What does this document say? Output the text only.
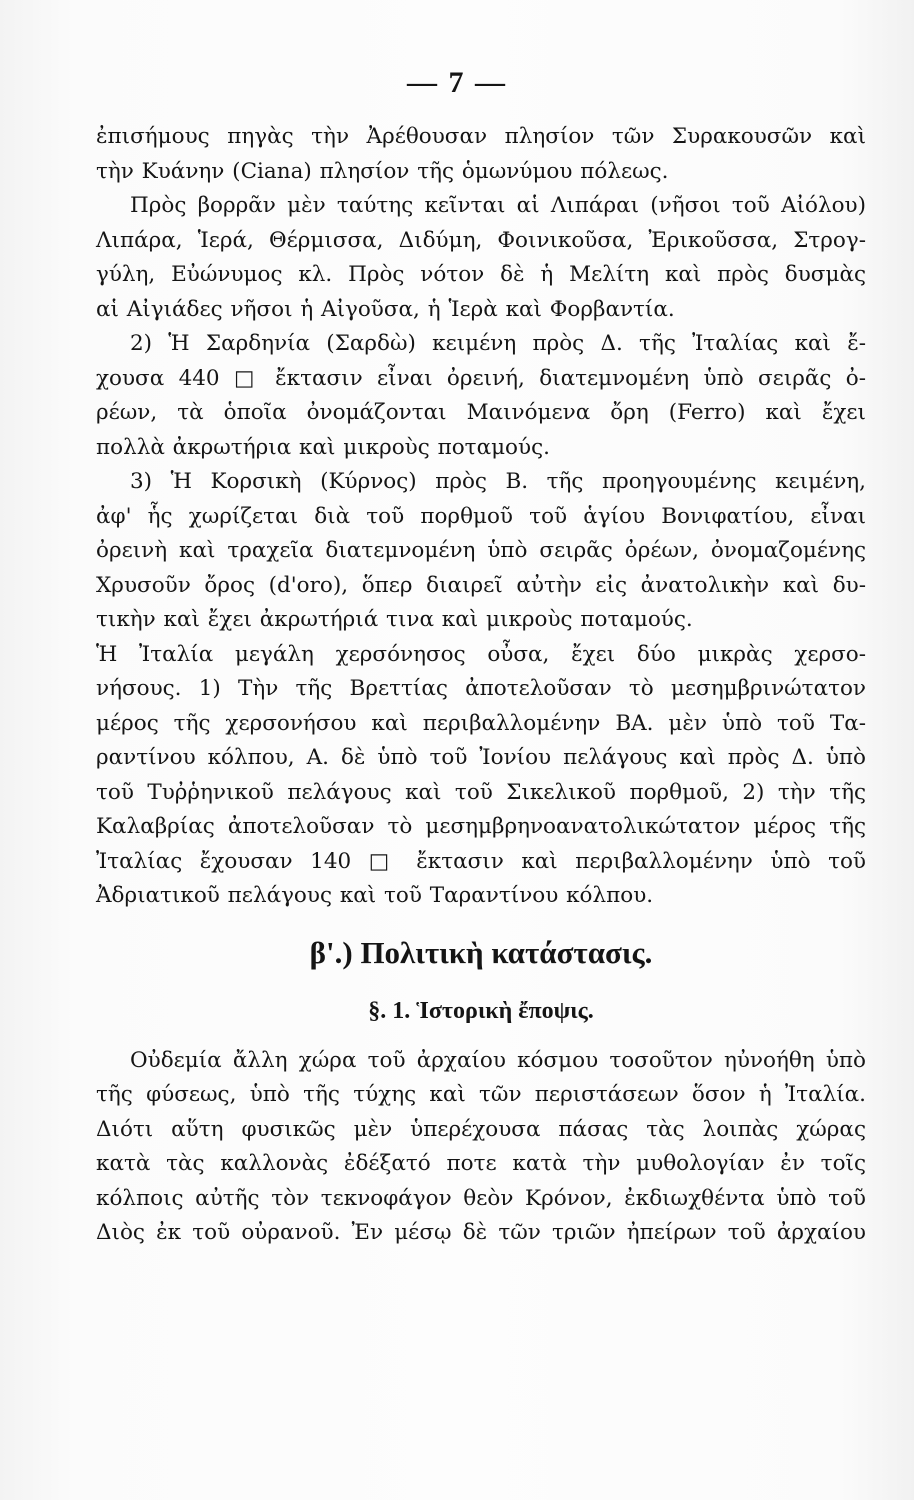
— 7 —
ἐπισήμους πηγὰς τὴν Ἀρέθουσαν πλησίον τῶν Συρακουσῶν καὶ
τὴν Κυάνην (Ciana) πλησίον τῆς ὁμωνύμου πόλεως.
Πρὸς βορρᾶν μὲν ταύτης κεῖνται αἱ Λιπάραι (νῆσοι τοῦ Αἰόλου)
Λιπάρα, Ἱερά, Θέρμισσα, Διδύμη, Φοινικοῦσα, Ἐρικοῦσσα, Στρογ-
γύλη, Εὐώνυμος κλ. Πρὸς νότον δὲ ἡ Μελίτη καὶ πρὸς δυσμὰς
αἱ Αἰγιάδες νῆσοι ἡ Αἰγοῦσα, ἡ Ἱερὰ καὶ Φορβαντία.
2) Ἡ Σαρδηνία (Σαρδὼ) κειμένη πρὸς Δ. τῆς Ἰταλίας καὶ ἔ-
χουσα 440 □ ἔκτασιν εἶναι ὀρεινή, διατεμνομένη ὑπὸ σειρᾶς ὀ-
ρέων, τὰ ὁποῖα ὀνομάζονται Μαινόμενα ὄρη (Ferro) καὶ ἔχει
πολλὰ ἀκρωτήρια καὶ μικροὺς ποταμούς.
3) Ἡ Κορσικὴ (Κύρνος) πρὸς Β. τῆς προηγουμένης κειμένη,
ἀφ' ἧς χωρίζεται διὰ τοῦ πορθμοῦ τοῦ ἁγίου Βονιφατίου, εἶναι
ὀρεινὴ καὶ τραχεῖα διατεμνομένη ὑπὸ σειρᾶς ὀρέων, ὀνομαζομένης
Χρυσοῦν ὄρος (d'oro), ὅπερ διαιρεῖ αὐτὴν εἰς ἀνατολικὴν καὶ δυ-
τικὴν καὶ ἔχει ἀκρωτήριά τινα καὶ μικροὺς ποταμούς.
Ἡ Ἰταλία μεγάλη χερσόνησος οὖσα, ἔχει δύο μικρὰς χερσο-
νήσους. 1) Τὴν τῆς Βρεττίας ἀποτελοῦσαν τὸ μεσημβρινώτατον
μέρος τῆς χερσονήσου καὶ περιβαλλομένην ΒΑ. μὲν ὑπὸ τοῦ Τα-
ραντίνου κόλπου, Α. δὲ ὑπὸ τοῦ Ἰονίου πελάγους καὶ πρὸς Δ. ὑπὸ
τοῦ Τυῤῥηνικοῦ πελάγους καὶ τοῦ Σικελικοῦ πορθμοῦ, 2) τὴν τῆς
Καλαβρίας ἀποτελοῦσαν τὸ μεσημβρηνοανατολικώτατον μέρος τῆς
Ἰταλίας ἔχουσαν 140 □ ἔκτασιν καὶ περιβαλλομένην ὑπὸ τοῦ
Ἀδριατικοῦ πελάγους καὶ τοῦ Ταραντίνου κόλπου.
β'.) Πολιτικὴ κατάστασις.
§. 1. Ἱστορικὴ ἔποψις.
Οὐδεμία ἄλλη χώρα τοῦ ἀρχαίου κόσμου τοσοῦτον ηὐνοήθη ὑπὸ
τῆς φύσεως, ὑπὸ τῆς τύχης καὶ τῶν περιστάσεων ὅσον ἡ Ἰταλία.
Διότι αὕτη φυσικῶς μὲν ὑπερέχουσα πάσας τὰς λοιπὰς χώρας
κατὰ τὰς καλλονὰς ἐδέξατό ποτε κατὰ τὴν μυθολογίαν ἐν τοῖς
κόλποις αὐτῆς τὸν τεκνοφάγον θεὸν Κρόνον, ἐκδιωχθέντα ὑπὸ τοῦ
Διὸς ἐκ τοῦ οὐρανοῦ. Ἐν μέσῳ δὲ τῶν τριῶν ἠπείρων τοῦ ἀρχαίου
